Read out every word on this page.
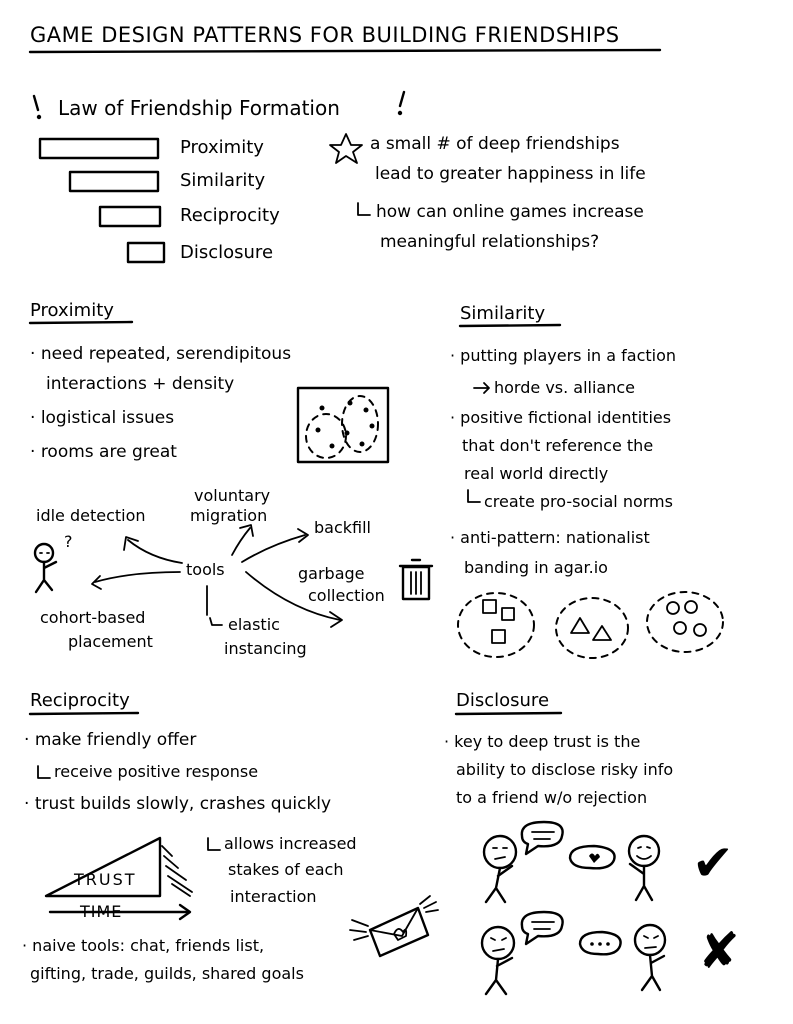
GAME DESIGN PATTERNS FOR BUILDING FRIENDSHIPS
Law of Friendship Formation
Proximity
Similarity
Reciprocity
Disclosure
a small # of deep friendships
lead to greater happiness in life
how can online games increase
meaningful relationships?
Proximity
· need repeated, serendipitous
interactions + density
· logistical issues
· rooms are great
idle detection
voluntary
migration
backfill
tools	garbage
collection
cohort-based
placement
elastic
instancing
?
Similarity
· putting players in a faction
horde vs. alliance
· positive fictional identities
that don't reference the
real world directly
create pro-social norms
· anti-pattern: nationalist
banding in agar.io
Reciprocity
· make friendly offer
receive positive response
· trust builds slowly, crashes quickly
TRUST
TIME
allows increased
stakes of each
interaction
· naive tools: chat, friends list,
gifting, trade, guilds, shared goals
Disclosure
· key to deep trust is the
ability to disclose risky info
to a friend w/o rejection
✔
✘
